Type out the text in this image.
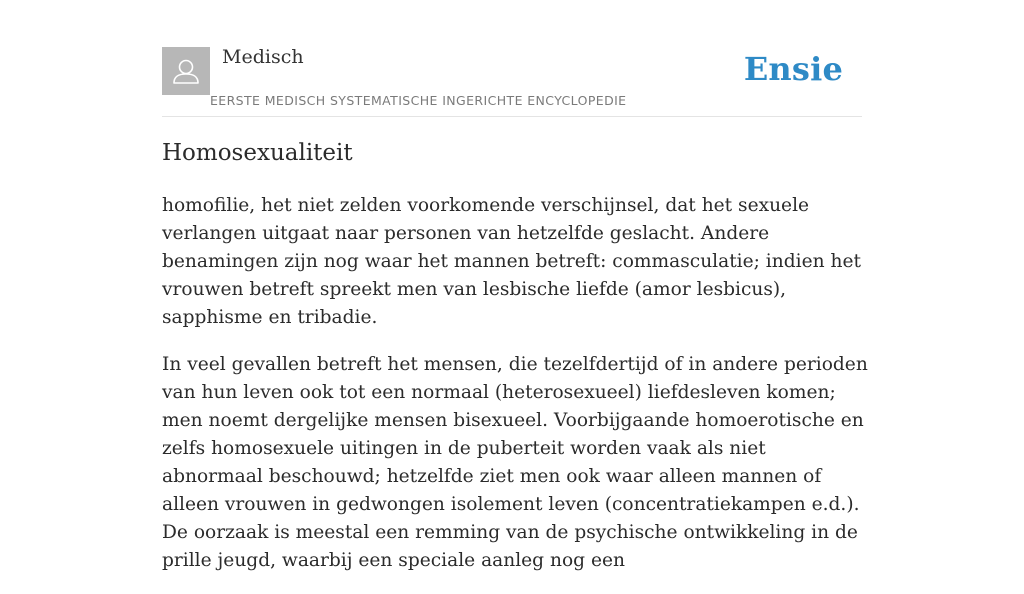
Medisch
EERSTE MEDISCH SYSTEMATISCHE INGERICHTE ENCYCLOPEDIE
Ensie
Homosexualiteit

homofilie, het niet zelden voorkomende verschijnsel, dat het sexuele verlangen uitgaat naar personen van hetzelfde geslacht. Andere benamingen zijn nog waar het mannen betreft: commasculatie; indien het vrouwen betreft spreekt men van lesbische liefde (amor lesbicus), sapphisme en tribadie.

In veel gevallen betreft het mensen, die tezelfdertijd of in andere perioden van hun leven ook tot een normaal (heterosexueel) liefdesleven komen; men noemt dergelijke mensen bisexueel. Voorbijgaande homoerotische en zelfs homosexuele uitingen in de puberteit worden vaak als niet abnormaal beschouwd; hetzelfde ziet men ook waar alleen mannen of alleen vrouwen in gedwongen isolement leven (concentratiekampen e.d.). De oorzaak is meestal een remming van de psychische ontwikkeling in de prille jeugd, waarbij een speciale aanleg nog een
